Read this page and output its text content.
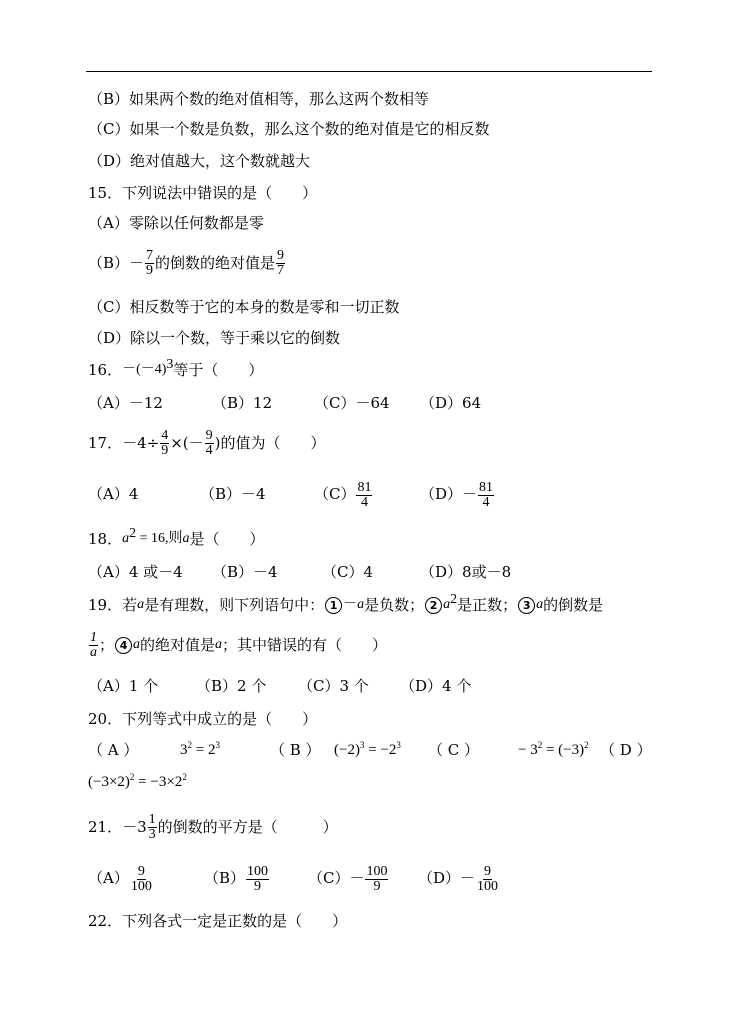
（B）如果两个数的绝对值相等，那么这两个数相等
（C）如果一个数是负数，那么这个数的绝对值是它的相反数
（D）绝对值越大，这个数就越大
15．下列说法中错误的是（　　）
（A）零除以任何数都是零
$(B)- \frac{7}{9}$ 的倒数的绝对值是 $\frac{9}{7}$
（C）相反数等于它的本身的数是零和一切正数
（D）除以一个数，等于乘以它的倒数
16．$-(-4)^3$等于（　　）
（A）－12	（B）12	（C）－64 （D）64
17．$-4\div \frac{4}{9}$ ×(－ $\frac{9}{4}$ )的值为（　　）
（A）4	（B）－4	$(C) \frac{81}{4}$	$(D)- \frac{81}{4}$
18．$a^2 = 16$,则a是（　　）
（A）4 或－4 （B）－4	（C）4	（D）8或－8
19．若a是有理数，则下列语句中： 1 －a是负数； 2 $a^2$是正数； 3 a的倒数是
$\frac{1}{a}$ ； 4 a的绝对值是a；其中错误的有（　　）
（A）1 个	（B）2 个 （C）3 个 （D）4 个
20．下列等式中成立的是（　　）
（ A ）	$3^2 = 2^3$	（ B ） $(-2)^3 = -2^3$ （ C ）	− $3^2 = (-3)^2$ （ D ）
$(-3\times 2)^2 = -3\times 2^2$
21．$-3 \frac{1}{3}$ 的倒数的平方是（　　　）
$(A) \frac{9}{100}$	$(B) \frac{100}{9}$	$(C)- \frac{100}{9} (D)- \frac{9}{100}$
22．下列各式一定是正数的是（　　）
